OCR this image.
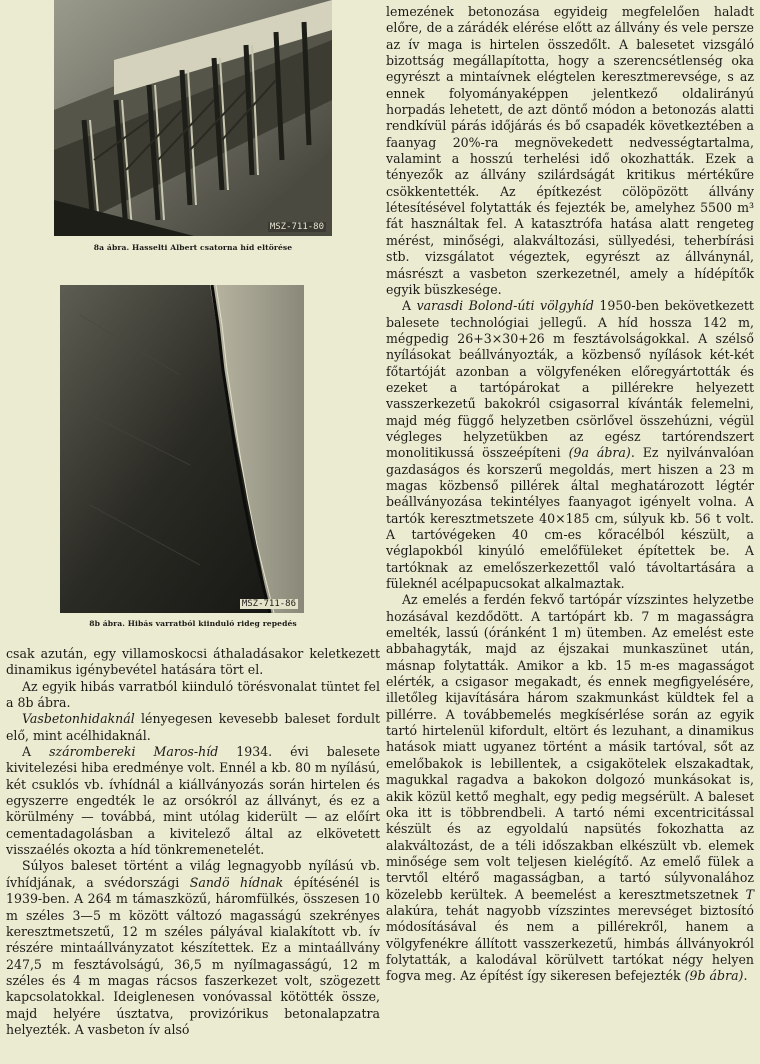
MSZ-711-80
8a ábra. Hasselti Albert csatorna híd eltörése
MSZ-711-86
8b ábra. Hibás varratból kiinduló rideg repedés

csak azután, egy villamoskocsi áthaladásakor keletkezett dinamikus igénybevétel hatására tört el.

Az egyik hibás varratból kiinduló törésvonalat tüntet fel a 8b ábra.

Vasbetonhidaknál lényegesen kevesebb baleset fordult elő, mint acélhidaknál.

A szárombereki Maros-híd 1934. évi balesete kivitelezési hiba eredménye volt. Ennél a kb. 80 m nyílású, két csuklós vb. ívhídnál a kiállványozás során hirtelen és egyszerre engedték le az orsókról az állványt, és ez a körülmény — továbbá, mint utólag kiderült — az előírt cementadagolásban a kivitelező által az elkövetett visszaélés okozta a híd tönkremenetelét.

Súlyos baleset történt a világ legnagyobb nyílású vb. ívhídjának, a svédországi Sandö hídnak építésénél is 1939-ben. A 264 m támaszközű, háromfülkés, összesen 10 m széles 3—5 m között változó magasságú szekrényes keresztmetszetű, 12 m széles pályával kialakított vb. ív részére mintaállványzatot készítettek. Ez a mintaállvány 247,5 m fesztávolságú, 36,5 m nyílmagasságú, 12 m széles és 4 m magas rácsos faszerkezet volt, szögezett kapcsolatokkal. Ideiglenesen vonóvassal kötötték össze, majd helyére úsztatva, provizórikus betonalapzatra helyezték. A vasbeton ív alsó

lemezének betonozása egyideig megfelelően haladt előre, de a zárádék elérése előtt az állvány és vele persze az ív maga is hirtelen összedőlt. A balesetet vizsgáló bizottság megállapította, hogy a szerencsétlenség oka egyrészt a mintaívnek elégtelen keresztmerevsége, s az ennek folyományaképpen jelentkező oldalirányú horpadás lehetett, de azt döntő módon a betonozás alatti rendkívül párás időjárás és bő csapadék következtében a faanyag 20%-ra megnövekedett nedvességtartalma, valamint a hosszú terhelési idő okozhatták. Ezek a tényezők az állvány szilárdságát kritikus mértékűre csökkentették. Az építkezést cölöpözött állvány létesítésével folytatták és fejezték be, amelyhez 5500 m³ fát használtak fel. A katasztrófa hatása alatt rengeteg mérést, minőségi, alakváltozási, süllyedési, teherbírási stb. vizsgálatot végeztek, egyrészt az állványnál, másrészt a vasbeton szerkezetnél, amely a hídépítők egyik büszkesége.

A varasdi Bolond-úti völgyhíd 1950-ben bekövetkezett balesete technológiai jellegű. A híd hossza 142 m, mégpedig 26+3×30+26 m fesztávolságokkal. A szélső nyílásokat beállványozták, a közbenső nyílások két-két főtartóját azonban a völgyfenéken előregyártották és ezeket a tartópárokat a pillérekre helyezett vasszerkezetű bakokról csigasorral kívánták felemelni, majd még függő helyzetben csörlővel összehúzni, végül végleges helyzetükben az egész tartórendszert monolitikussá összeépíteni (9a ábra). Ez nyilvánvalóan gazdaságos és korszerű megoldás, mert hiszen a 23 m magas közbenső pillérek által meghatározott légtér beállványozása tekintélyes faanyagot igényelt volna. A tartók keresztmetszete 40×185 cm, súlyuk kb. 56 t volt. A tartóvégeken 40 cm-es kőracélból készült, a véglapokból kinyúló emelőfüleket építettek be. A tartóknak az emelőszerkezettől való távoltartására a füleknél acélpapucsokat alkalmaztak.

Az emelés a ferdén fekvő tartópár vízszintes helyzetbe hozásával kezdődött. A tartópárt kb. 7 m magasságra emelték, lassú (óránként 1 m) ütemben. Az emelést este abbahagyták, majd az éjszakai munkaszünet után, másnap folytatták. Amikor a kb. 15 m-es magasságot elérték, a csigasor megakadt, és ennek megfigyelésére, illetőleg kijavítására három szakmunkást küldtek fel a pillérre. A továbbemelés megkísérlése során az egyik tartó hirtelenül kifordult, eltört és lezuhant, a dinamikus hatások miatt ugyanez történt a másik tartóval, sőt az emelőbakok is lebillentek, a csigakötelek elszakadtak, magukkal ragadva a bakokon dolgozó munkásokat is, akik közül kettő meghalt, egy pedig megsérült. A baleset oka itt is többrendbeli. A tartó némi excentricitással készült és az egyoldalú napsütés fokozhatta az alakváltozást, de a téli időszakban elkészült vb. elemek minősége sem volt teljesen kielégítő. Az emelő fülek a tervtől eltérő magasságban, a tartó súlyvonalához közelebb kerültek. A beemelést a keresztmetszetnek T alakúra, tehát nagyobb vízszintes merevséget biztosító módosításával és nem a pillérekről, hanem a völgyfenékre állított vasszerkezetű, himbás állványokról folytatták, a kalodával körülvett tartókat négy helyen fogva meg. Az építést így sikeresen befejezték (9b ábra).
